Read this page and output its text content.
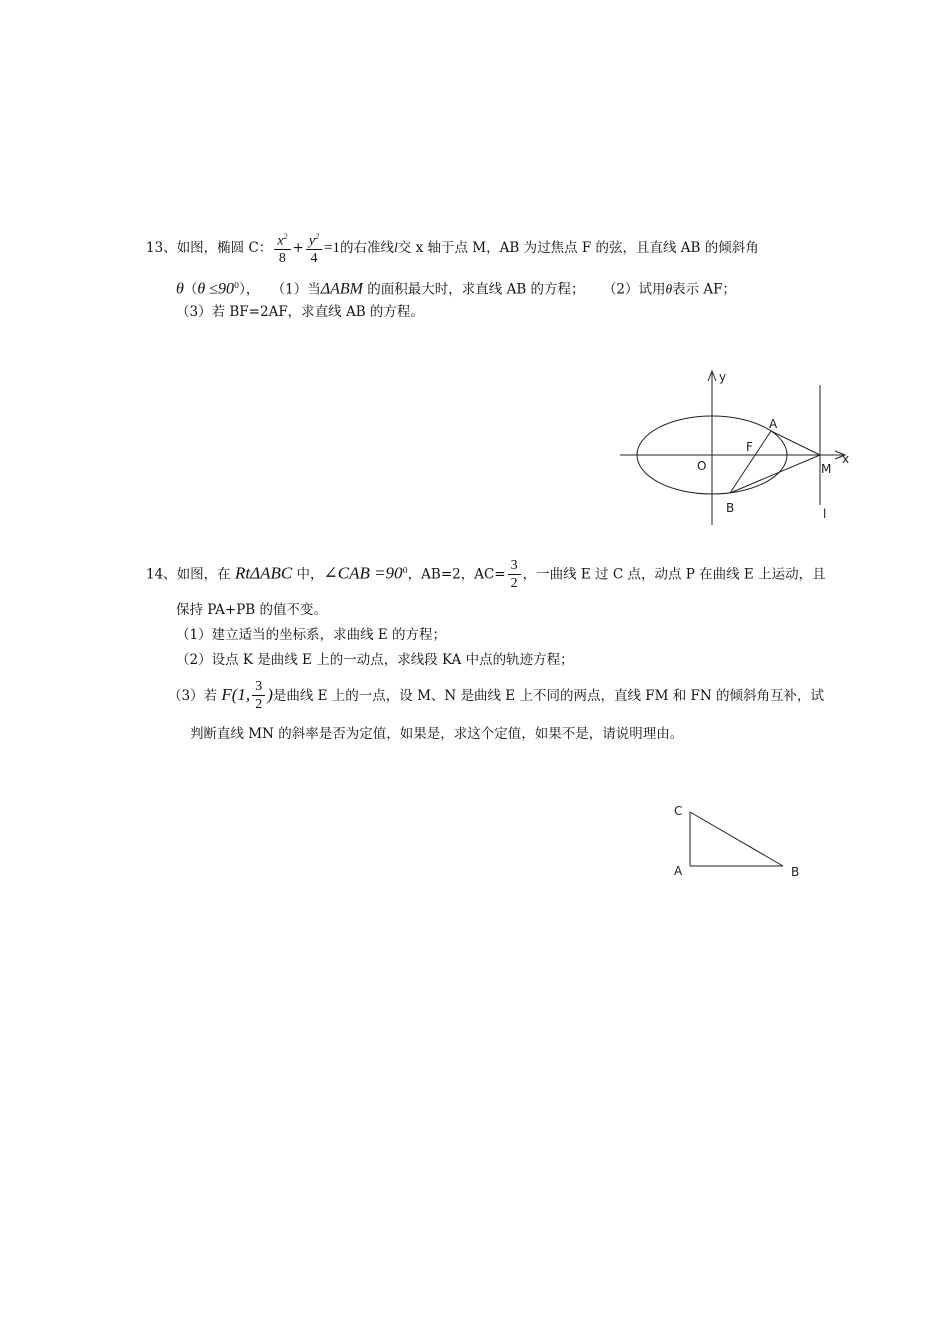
13、如图，椭圆 C： $\frac{x^2}{8} + \frac{y^2}{4} =1$的右准线l交 x 轴于点 M，AB 为过焦点 F 的弦，且直线 AB 的倾斜角
$\theta(\theta \le 90^0)$， （1）当ΔABM 的面积最大时，求直线 AB 的方程； （2）试用θ表示 AF；
（3）若 BF=2AF，求直线 AB 的方程。
y
x
O
A
F
B
M
l
14、如图，在 RtΔABC 中，∠CAB $=90^0$，AB=2，$AC= \frac{3}{2}$ ，一曲线 E 过 C 点，动点 P 在曲线 E 上运动，且
保持 PA+PB 的值不变。
（1）建立适当的坐标系，求曲线 E 的方程；
（2）设点 K 是曲线 E 上的一动点，求线段 KA 中点的轨迹方程；
（3）若 F(1, $\frac{3}{2}$ )是曲线 E 上的一点，设 M、N 是曲线 E 上不同的两点，直线 FM 和 FN 的倾斜角互补，试
判断直线 MN 的斜率是否为定值，如果是，求这个定值，如果不是，请说明理由。
C
A	B
